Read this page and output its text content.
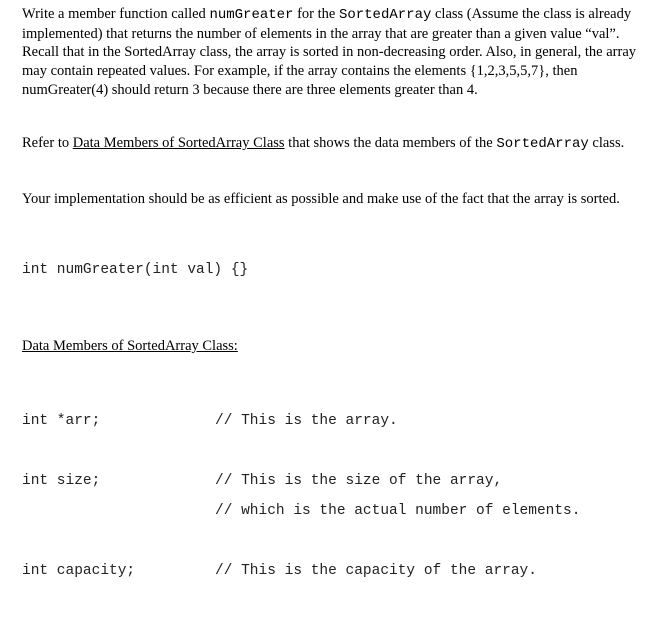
Write a member function called numGreater for the SortedArray class (Assume the class is already implemented) that returns the number of elements in the array that are greater than a given value “val”. Recall that in the SortedArray class, the array is sorted in non-decreasing order. Also, in general, the array may contain repeated values. For example, if the array contains the elements {1,2,3,5,5,7}, then numGreater(4) should return 3 because there are three elements greater than 4.
Refer to Data Members of SortedArray Class that shows the data members of the SortedArray class.
Your implementation should be as efficient as possible and make use of the fact that the array is sorted.
int numGreater(int val) {}
Data Members of SortedArray Class:
int *arr;	// This is the array.
int size;	// This is the size of the array,
// which is the actual number of elements.
int capacity;	// This is the capacity of the array.
